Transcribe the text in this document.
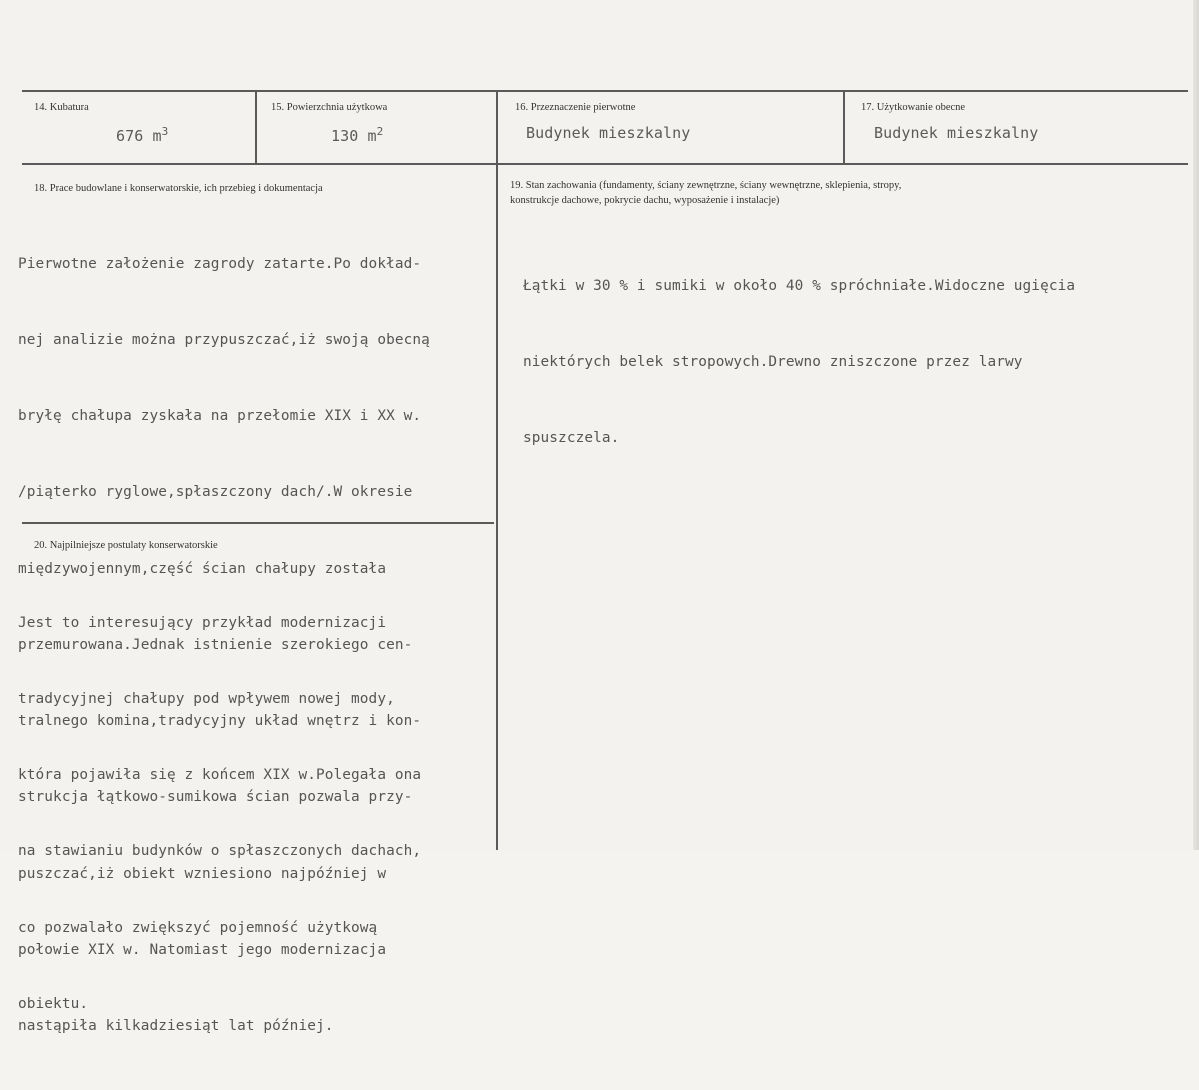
14. Kubatura
676 $m^3$
15. Powierzchnia użytkowa
130 $m^2$
16. Przeznaczenie pierwotne
Budynek mieszkalny
17. Użytkowanie obecne
Budynek mieszkalny
18. Prace budowlane i konserwatorskie, ich przebieg i dokumentacja

Pierwotne założenie zagrody zatarte.Po dokład-

nej analizie można przypuszczać,iż swoją obecną

bryłę chałupa zyskała na przełomie XIX i XX w.

/piąterko ryglowe,spłaszczony dach/.W okresie

międzywojennym,część ścian chałupy została

przemurowana.Jednak istnienie szerokiego cen-

tralnego komina,tradycyjny układ wnętrz i kon-

strukcja łątkowo-sumikowa ścian pozwala przy-

puszczać,iż obiekt wzniesiono najpóźniej w

połowie XIX w. Natomiast jego modernizacja

nastąpiła kilkadziesiąt lat później.

19. Stan zachowania (fundamenty, ściany zewnętrzne, ściany wewnętrzne, sklepienia, stropy,
konstrukcje dachowe, pokrycie dachu, wyposażenie i instalacje)

Łątki w 30 % i sumiki w około 40 % spróchniałe.Widoczne ugięcia

niektórych belek stropowych.Drewno zniszczone przez larwy

spuszczela.

20. Najpilniejsze postulaty konserwatorskie

Jest to interesujący przykład modernizacji

tradycyjnej chałupy pod wpływem nowej mody,

która pojawiła się z końcem XIX w.Polegała ona

na stawianiu budynków o spłaszczonych dachach,

co pozwalało zwiększyć pojemność użytkową

obiektu.
